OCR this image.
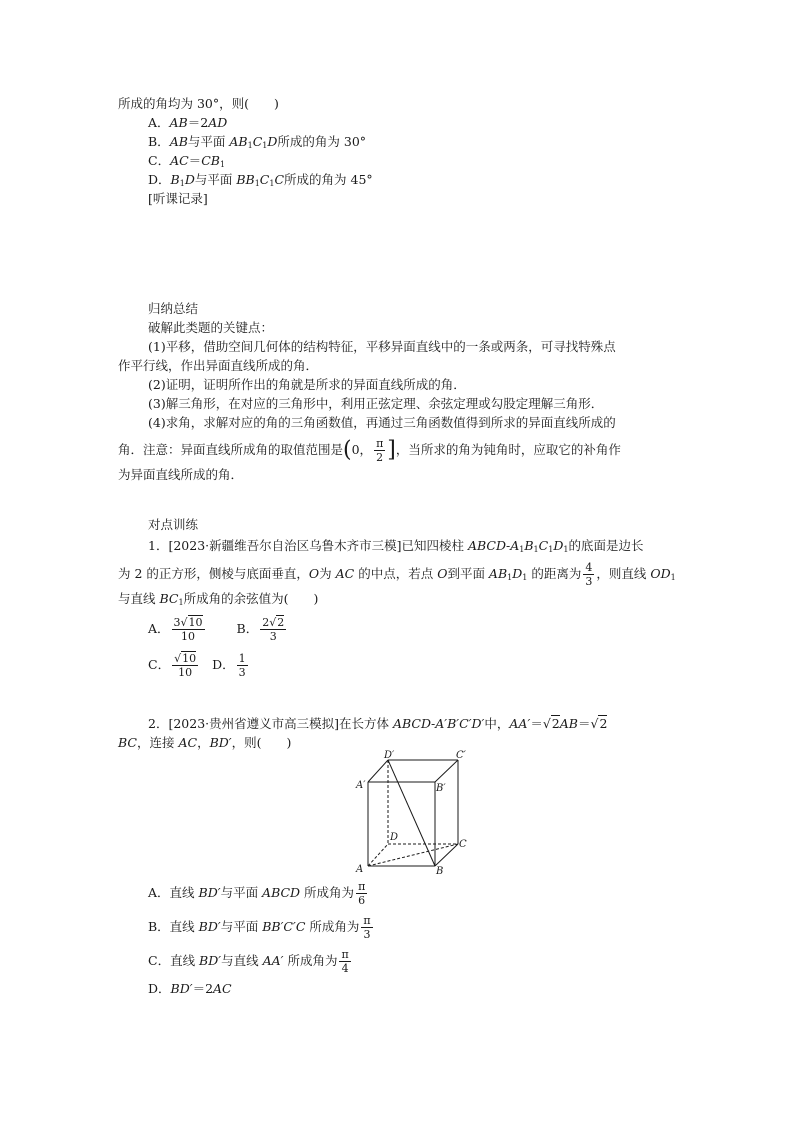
所成的角均为 30°，则(　　)
A．AB＝2AD
B．AB与平面 $AB_1C_1D$所成的角为 30°
C．$AC=CB_1$
D．$B_1D$与平面 $BB_1C_1C$所成的角为 45°
[听课记录]
归纳总结
破解此类题的关键点：
(1)平移，借助空间几何体的结构特征，平移异面直线中的一条或两条，可寻找特殊点
作平行线，作出异面直线所成的角．
(2)证明，证明所作出的角就是所求的异面直线所成的角．
(3)解三角形，在对应的三角形中，利用正弦定理、余弦定理或勾股定理解三角形．
(4)求角，求解对应的角的三角函数值，再通过三角函数值得到所求的异面直线所成的
角．注意：异面直线所成角的取值范围是(0， $\frac{\pi}{2}$ ]，当所求的角为钝角时，应取它的补角作
为异面直线所成的角．
对点训练
1．[2023·新疆维吾尔自治区乌鲁木齐市三模]已知四棱柱 ABCD-$A_1B_1C_1D_1$的底面是边长
为 2 的正方形，侧棱与底面垂直，O为 AC 的中点，若点 O到平面 $AB_1D_1$ 的距离为 $\frac{4}{3}$ ，则直线 $OD_1$
与直线 $BC_1$所成角的余弦值为(　　)
A． $\frac{3√10}{10}$	B． $\frac{2√2}{3}$
C． $\frac{√10}{10}$ D． $\frac{1}{3}$
2．[2023·贵州省遵义市高三模拟]在长方体 ABCD-A′B′C′D′中，AA′＝√2AB＝√2
BC，连接 AC，BD′，则(　　)
D′	C′
A′	B′
D
C
A	B
A．直线 BD′与平面 ABCD 所成角为 $\frac{\pi}{6}$
B．直线 BD′与平面 BB′C′C 所成角为 $\frac{\pi}{3}$
C．直线 BD′与直线 AA′ 所成角为 $\frac{\pi}{4}$
D．BD′＝2AC
